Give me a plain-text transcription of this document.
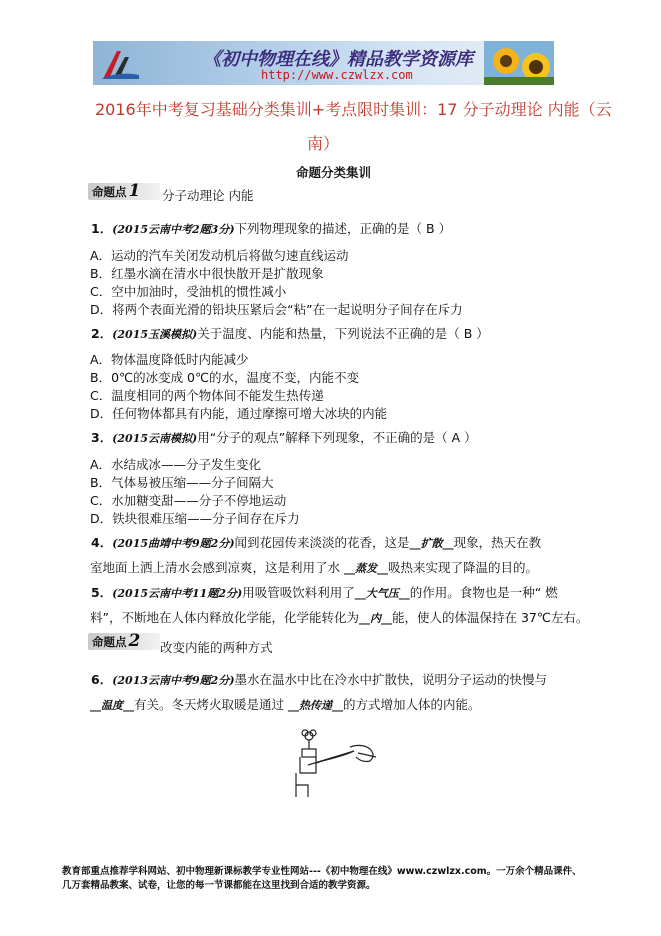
《初中物理在线》精品教学资源库
http://www.czwlzx.com
2016年中考复习基础分类集训+考点限时集训：17 分子动理论 内能（云
南）
命题分类集训
命题点 1	分子动理论 内能
1．(2015云南中考2题3分)下列物理现象的描述，正确的是（ B ）
A．运动的汽车关闭发动机后将做匀速直线运动
B．红墨水滴在清水中很快散开是扩散现象
C．空中加油时，受油机的惯性减小
D．将两个表面光滑的铅块压紧后会“粘”在一起说明分子间存在斥力
2．(2015玉溪模拟)关于温度、内能和热量，下列说法不正确的是（ B ）
A．物体温度降低时内能减少
B．0℃的冰变成 0℃的水，温度不变，内能不变
C．温度相同的两个物体间不能发生热传递
D．任何物体都具有内能，通过摩擦可增大冰块的内能
3．(2015云南模拟)用“分子的观点”解释下列现象，不正确的是（ A ）
A．水结成冰——分子发生变化
B．气体易被压缩——分子间隔大
C．水加糖变甜——分子不停地运动
D．铁块很难压缩——分子间存在斥力
4．(2015曲靖中考9题2分)闻到花园传来淡淡的花香，这是__扩散__现象，热天在教
室地面上洒上清水会感到凉爽，这是利用了水 __蒸发__吸热来实现了降温的目的。
5．(2015云南中考11题2分)用吸管吸饮料利用了__大气压__的作用。食物也是一种“ 燃
料”，不断地在人体内释放化学能，化学能转化为__内__能，使人的体温保持在 37℃左右。
命题点 2	改变内能的两种方式
6．(2013云南中考9题2分)墨水在温水中比在冷水中扩散快，说明分子运动的快慢与
__温度__有关。冬天烤火取暖是通过 __热传递__的方式增加人体的内能。
教育部重点推荐学科网站、初中物理新课标教学专业性网站---《初中物理在线》www.czwlzx.com。一万余个精品课件、
几万套精品教案、试卷，让您的每一节课都能在这里找到合适的教学资源。
